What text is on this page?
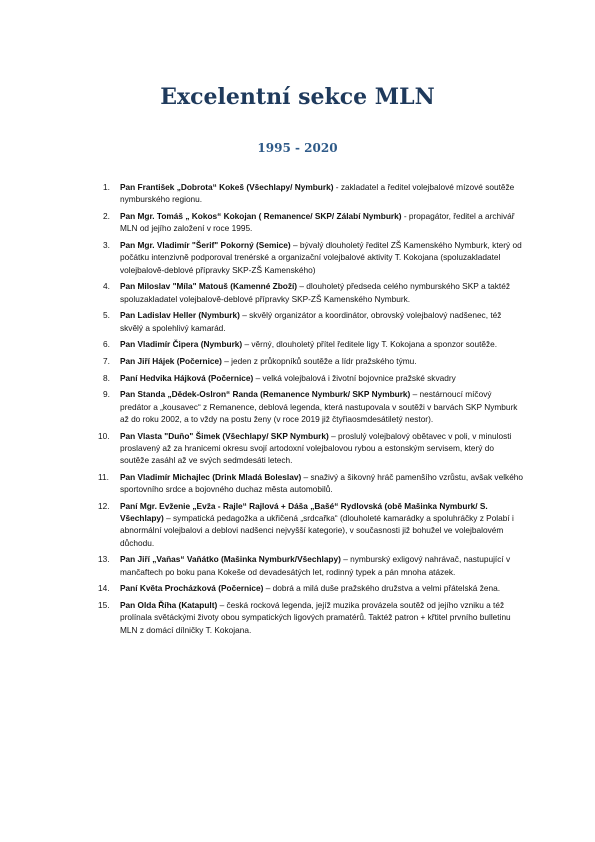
Excelentní sekce MLN
1995 - 2020
1. Pan František „Dobrota“ Kokeš (Všechlapy/ Nymburk) - zakladatel a ředitel volejbalové mízové soutěže nymburského regionu.
2. Pan Mgr. Tomáš „ Kokos“ Kokojan ( Remanence/ SKP/ Zálabí Nymburk) - propagátor, ředitel a archivář MLN od jejího založení v roce 1995.
3. Pan Mgr. Vladimír "Šerif" Pokorný (Semice) – bývalý dlouholetý ředitel ZŠ Kamenského Nymburk, který od počátku intenzivně podporoval trenérské a organizační volejbalové aktivity T. Kokojana (spoluzakladatel volejbalově-deblové přípravky SKP-ZŠ Kamenského)
4. Pan Miloslav "Míla" Matouš (Kamenné Zboží) – dlouholetý předseda celého nymburského SKP a taktéž spoluzakladatel volejbalově-deblové přípravky SKP-ZŠ Kamenského Nymburk.
5. Pan Ladislav Heller (Nymburk) – skvělý organizátor a koordinátor, obrovský volejbalový nadšenec, též skvělý a spolehlivý kamarád.
6. Pan Vladimír Čipera (Nymburk) – věrný, dlouholetý přítel ředitele ligy T. Kokojana a sponzor soutěže.
7. Pan Jiří Hájek (Počernice) – jeden z průkopníků soutěže a lídr pražského týmu.
8. Paní Hedvika Hájková (Počernice) – velká volejbalová i životní bojovnice pražské skvadry
9. Pan Standa „Dědek-Oslron“ Randa (Remanence Nymburk/ SKP Nymburk) – nestárnoucí míčový predátor a „kousavec“ z Remanence, deblová legenda, která nastupovala v soutěži v barvách SKP Nymburk až do roku 2002, a to vždy na postu ženy (v roce 2019 již čtyřiaosmdesátiletý nestor).
10. Pan Vlasta "Duňo" Šimek (Všechlapy/ SKP Nymburk) – proslulý volejbalový obětavec v poli, v minulosti proslavený až za hranicemi okresu svojí artodoxní volejbalovou rybou a estonským servisem, který do soutěže zasáhl až ve svých sedmdesáti letech.
11. Pan Vladimír Michajlec (Drink Mladá Boleslav) – snaživý a šikovný hráč pamenšího vzrůstu, avšak velkého sportovního srdce a bojovného duchaz města automobilů.
12. Paní Mgr. Evženie „Evža - Rajle“ Rajlová + Dáša „Bašé“ Rydlovská (obě Mašinka Nymburk/ S. Všechlapy) – sympatická pedagožka a ukřičená „srdcařka“ (dlouholeté kamarádky a spoluhráčky z Polabí i abnormální volejbalovi a deblovi nadšenci nejvyšší kategorie), v současnosti již bohužel ve volejbalovém důchodu.
13. Pan Jiří „Vaňas“ Vaňátko (Mašinka Nymburk/Všechlapy) – nymburský exligový nahrávač, nastupující v mančaftech po boku pana Kokeše od devadesátých let, rodinný typek a pán mnoha atázek.
14. Paní Květa Procházková (Počernice) – dobrá a milá duše pražského družstva a velmi přátelská žena.
15. Pan Olda Říha (Katapult) – česká rocková legenda, jejíž muzika provázela soutěž od jejího vzniku a též prolínala světáckými životy obou sympatických ligových pramatérů. Taktéž patron + křtitel prvního bulletinu MLN z domácí dílničky T. Kokojana.
